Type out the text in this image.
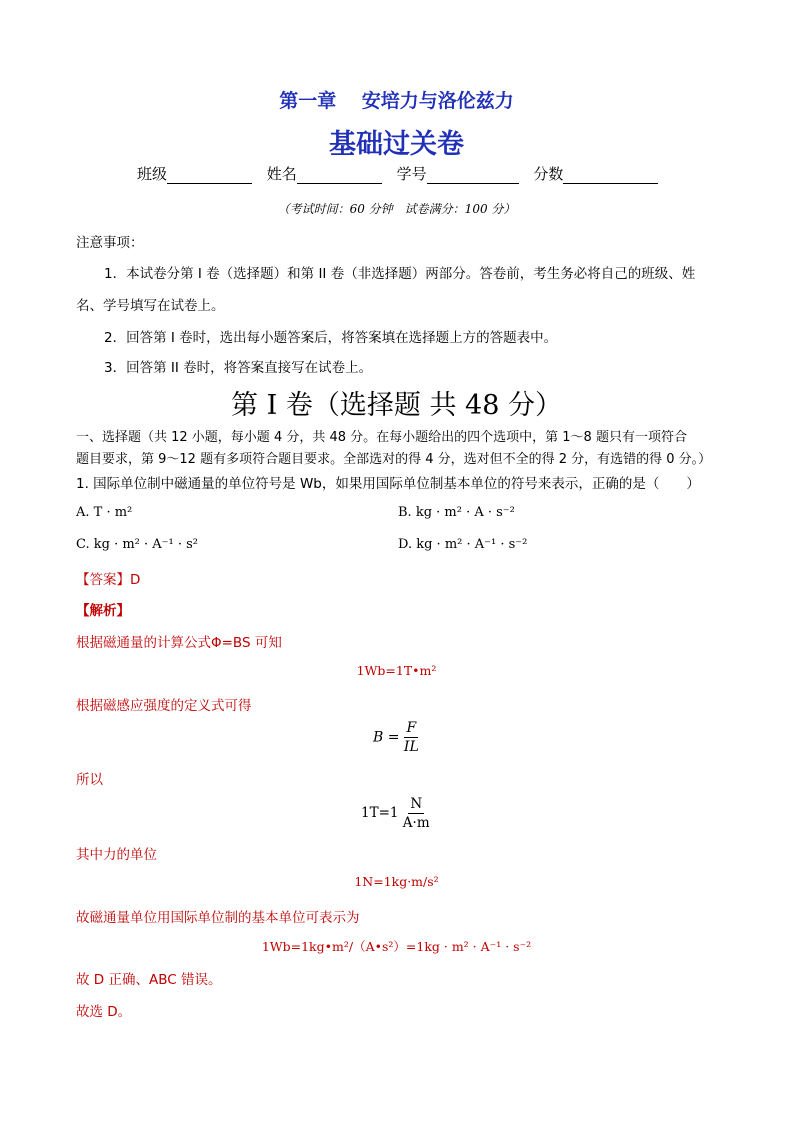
第一章　 安培力与洛伦兹力
基础过关卷
班级	姓名	学号	分数
（考试时间：60 分钟　试卷满分：100 分）
注意事项：
1．本试卷分第 I 卷（选择题）和第 II 卷（非选择题）两部分。答卷前，考生务必将自己的班级、姓
名、学号填写在试卷上。
2．回答第 I 卷时，选出每小题答案后，将答案填在选择题上方的答题表中。
3．回答第 II 卷时，将答案直接写在试卷上。
第 I 卷（选择题 共 48 分）
一、选择题（共 12 小题，每小题 4 分，共 48 分。在每小题给出的四个选项中，第 1～8 题只有一项符合
题目要求，第 9～12 题有多项符合题目要求。全部选对的得 4 分，选对但不全的得 2 分，有选错的得 0 分。）
1. 国际单位制中磁通量的单位符号是 Wb，如果用国际单位制基本单位的符号来表示，正确的是（　　）
A. T · m²	B. kg · m² · A · s⁻²
C. kg · m² · A⁻¹ · s²	D. kg · m² · A⁻¹ · s⁻²
【答案】D
【解析】
根据磁通量的计算公式Φ=BS 可知
1Wb=1T•m²
根据磁感应强度的定义式可得
$B = \frac{F}{IL}$
所以
$1T=1 \frac{N}{A\cdot m}$
其中力的单位
1N=1kg·m/s²
故磁通量单位用国际单位制的基本单位可表示为
1Wb=1kg•m²/（A•s²）=1kg · m² · A⁻¹ · s⁻²
故 D 正确、ABC 错误。
故选 D。
